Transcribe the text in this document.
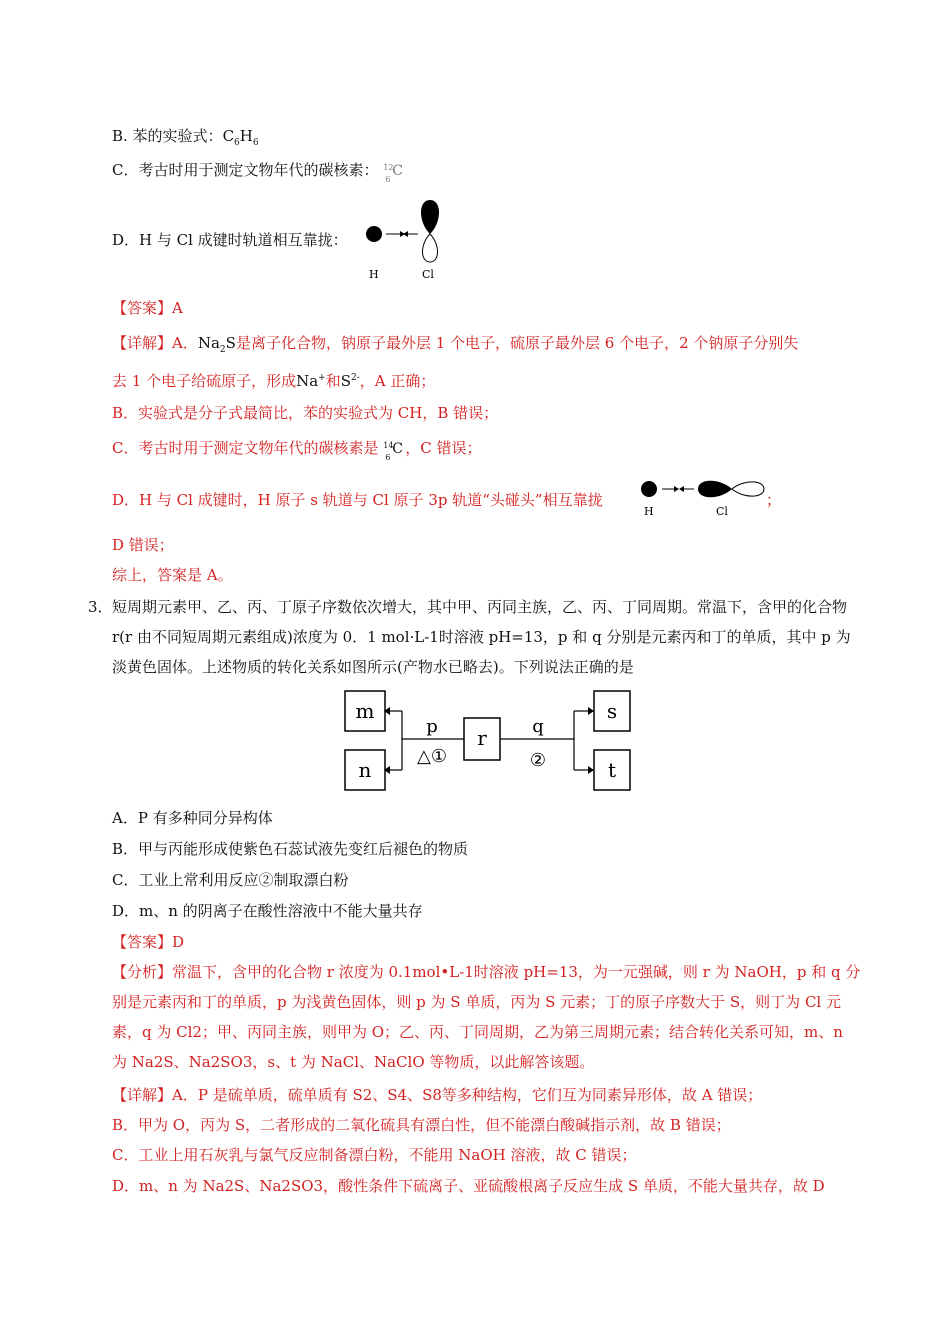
B. 苯的实验式：$C_6H_6$
C．考古时用于测定文物年代的碳核素： 12
6
C
D．H 与 Cl 成键时轨道相互靠拢：
H	Cl
【答案】A
【详解】A．$Na_2S$是离子化合物，钠原子最外层 1 个电子，硫原子最外层 6 个电子，2 个钠原子分别失
去 1 个电子给硫原子，形成Na+和$S^{2-}$，A 正确；
B．实验式是分子式最简比，苯的实验式为 CH，B 错误；
C．考古时用于测定文物年代的碳核素是 14
6
C ，C 错误；
D．H 与 Cl 成键时，H 原子 s 轨道与 Cl 原子 3p 轨道“头碰头”相互靠拢
H	Cl
；
D 错误；
综上，答案是 A。
3． 短周期元素甲、乙、丙、丁原子序数依次增大，其中甲、丙同主族，乙、丙、丁同周期。常温下，含甲的化合物 r(r 由不同短周期元素组成)浓度为 0．1 mol·L-1时溶液 pH=13，p 和 q 分别是元素丙和丁的单质，其中 p 为淡黄色固体。上述物质的转化关系如图所示(产物水已略去)。下列说法正确的是
m
n
r
s
t
p
△①
q
②
A．P 有多种同分异构体
B．甲与丙能形成使紫色石蕊试液先变红后褪色的物质
C．工业上常利用反应②制取漂白粉
D．m、n 的阴离子在酸性溶液中不能大量共存
【答案】D
【分析】常温下，含甲的化合物 r 浓度为 0.1mol•L-1时溶液 pH=13，为一元强碱，则 r 为 NaOH，p 和 q 分别是元素丙和丁的单质，p 为浅黄色固体，则 p 为 S 单质，丙为 S 元素；丁的原子序数大于 S，则丁为 Cl 元素，q 为 Cl2；甲、丙同主族，则甲为 O；乙、丙、丁同周期，乙为第三周期元素；结合转化关系可知，m、n 为 Na2S、Na2SO3，s、t 为 NaCl、NaClO 等物质，以此解答该题。
【详解】A．P 是硫单质，硫单质有 S2、S4、S8等多种结构，它们互为同素异形体，故 A 错误；
B．甲为 O，丙为 S，二者形成的二氧化硫具有漂白性，但不能漂白酸碱指示剂，故 B 错误；
C．工业上用石灰乳与氯气反应制备漂白粉，不能用 NaOH 溶液，故 C 错误；
D．m、n 为 Na2S、Na2SO3，酸性条件下硫离子、亚硫酸根离子反应生成 S 单质，不能大量共存，故 D
